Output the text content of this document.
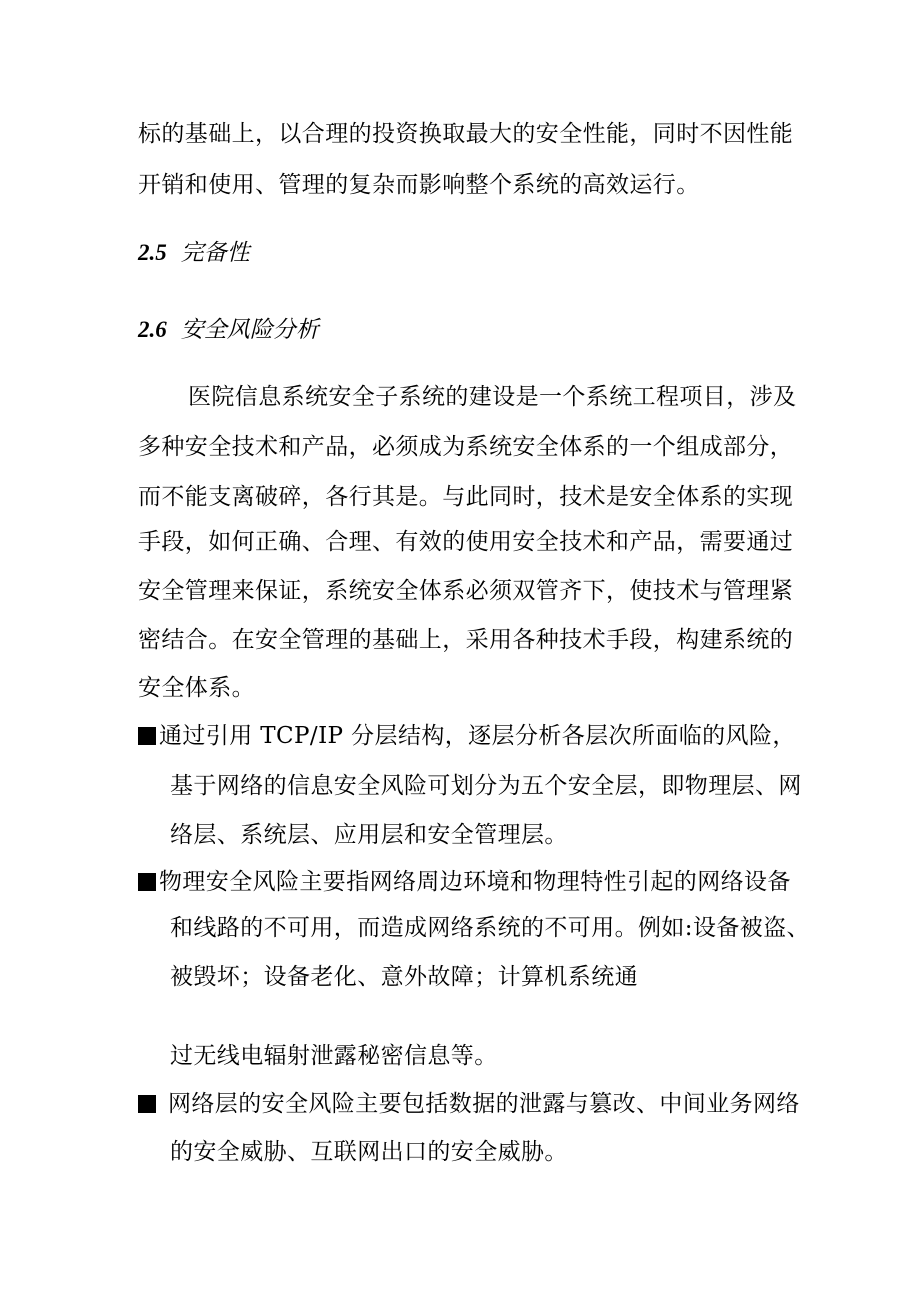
标的基础上，以合理的投资换取最大的安全性能，同时不因性能
开销和使用、管理的复杂而影响整个系统的高效运行。
2.5 完备性
2.6 安全风险分析
医院信息系统安全子系统的建设是一个系统工程项目，涉及
多种安全技术和产品，必须成为系统安全体系的一个组成部分，
而不能支离破碎，各行其是。与此同时，技术是安全体系的实现
手段，如何正确、合理、有效的使用安全技术和产品，需要通过
安全管理来保证，系统安全体系必须双管齐下，使技术与管理紧
密结合。在安全管理的基础上，采用各种技术手段，构建系统的
安全体系。
通过引用 TCP/IP 分层结构，逐层分析各层次所面临的风险，
基于网络的信息安全风险可划分为五个安全层，即物理层、网
络层、系统层、应用层和安全管理层。
物理安全风险主要指网络周边环境和物理特性引起的网络设备
和线路的不可用，而造成网络系统的不可用。例如:设备被盗、
被毁坏；设备老化、意外故障；计算机系统通
过无线电辐射泄露秘密信息等。
网络层的安全风险主要包括数据的泄露与篡改、中间业务网络
的安全威胁、互联网出口的安全威胁。
